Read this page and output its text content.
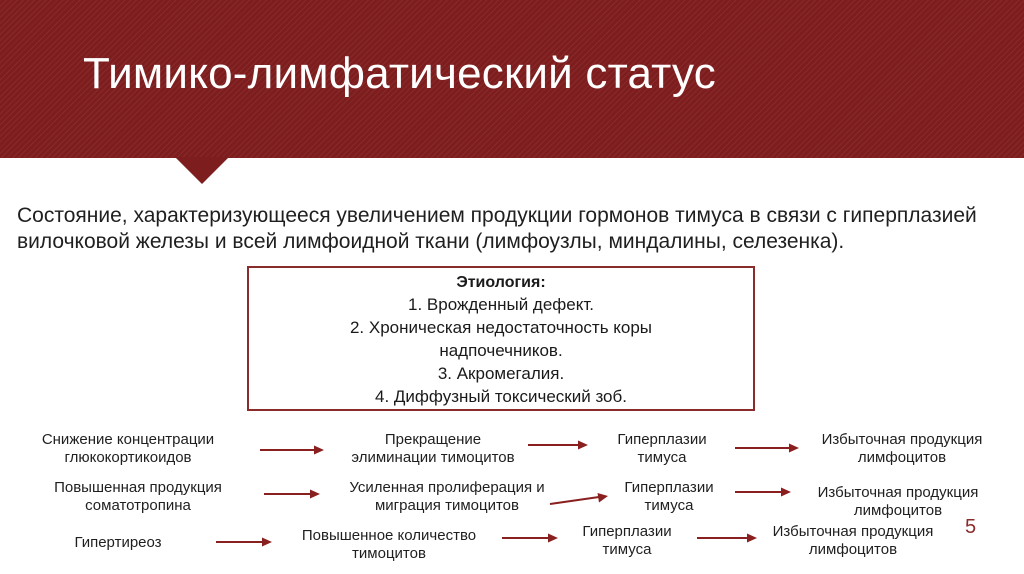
Тимико-лимфатический статус
Состояние, характеризующееся увеличением продукции гормонов тимуса в связи с гиперплазией вилочковой железы и всей лимфоидной ткани (лимфоузлы, миндалины, селезенка).
Этиология:
1. Врожденный дефект.
2. Хроническая недостаточность коры
надпочечников.
3. Акромегалия.
4. Диффузный токсический зоб.
Снижение концентрации
глюкокортикоидов
Прекращение
элиминации тимоцитов
Гиперплазии
тимуса
Избыточная продукция
лимфоцитов
Повышенная продукция
соматотропина
Усиленная пролиферация и
миграция тимоцитов
Гиперплазии
тимуса
Избыточная продукция
лимфоцитов
Гипертиреоз	Повышенное количество
тимоцитов
Гиперплазии
тимуса
Избыточная продукция
лимфоцитов
5
